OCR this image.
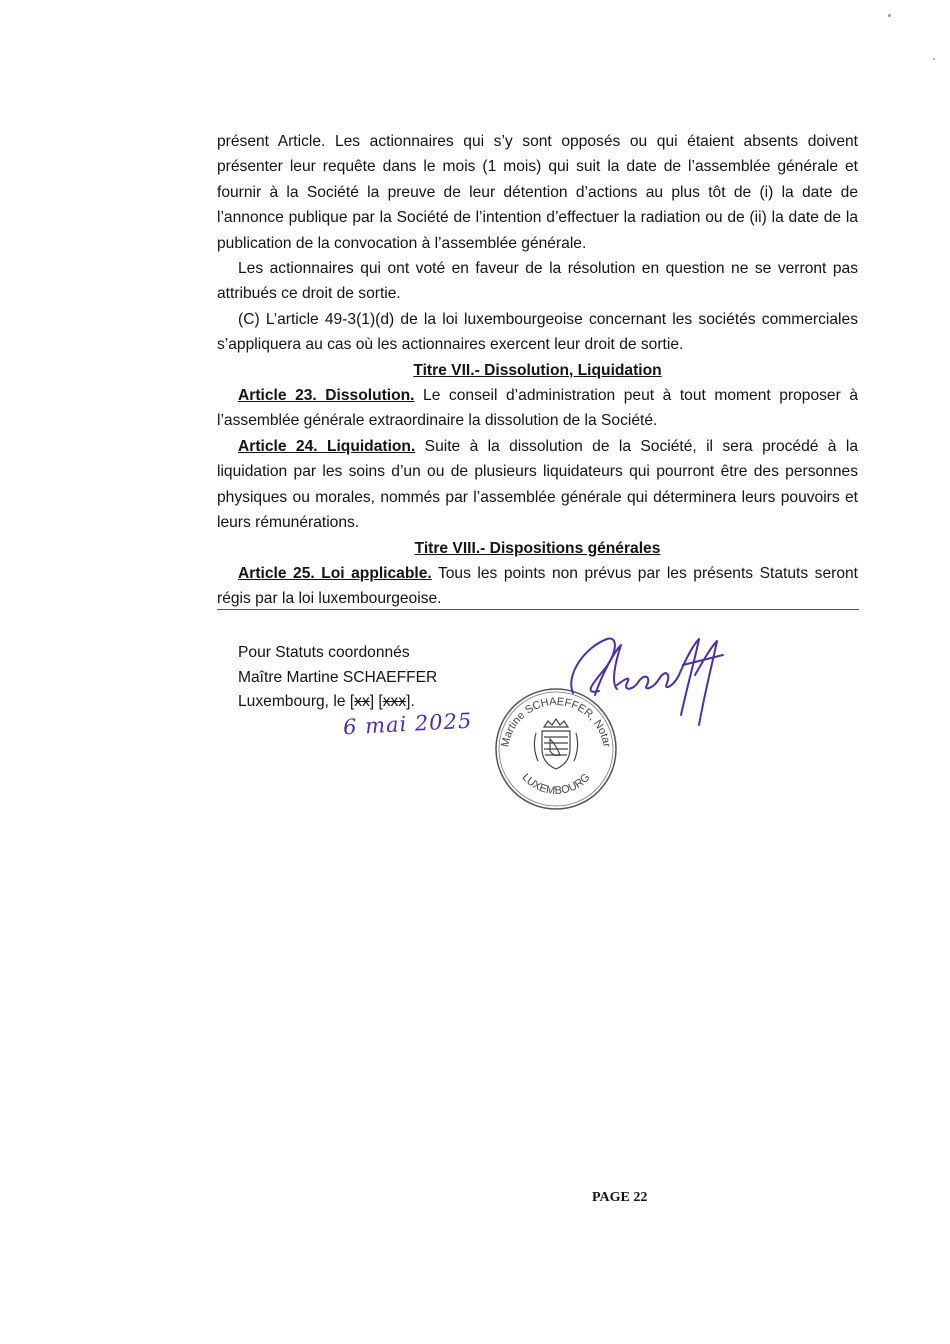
présent Article. Les actionnaires qui s’y sont opposés ou qui étaient absents doivent présenter leur requête dans le mois (1 mois) qui suit la date de l’assemblée générale et fournir à la Société la preuve de leur détention d’actions au plus tôt de (i) la date de l’annonce publique par la Société de l’intention d’effectuer la radiation ou de (ii) la date de la publication de la convocation à l’assemblée générale.

Les actionnaires qui ont voté en faveur de la résolution en question ne se verront pas attribués ce droit de sortie.

(C) L’article 49-3(1)(d) de la loi luxembourgeoise concernant les sociétés commerciales s’appliquera au cas où les actionnaires exercent leur droit de sortie.

Titre VII.- Dissolution, Liquidation

Article 23. Dissolution. Le conseil d’administration peut à tout moment proposer à l’assemblée générale extraordinaire la dissolution de la Société.

Article 24. Liquidation. Suite à la dissolution de la Société, il sera procédé à la liquidation par les soins d’un ou de plusieurs liquidateurs qui pourront être des personnes physiques ou morales, nommés par l’assemblée générale qui déterminera leurs pouvoirs et leurs rémunérations.

Titre VIII.- Dispositions générales

Article 25. Loi applicable. Tous les points non prévus par les présents Statuts seront régis par la loi luxembourgeoise.

Pour Statuts coordonnés
Maître Martine SCHAEFFER
Luxembourg, le [xx] [xxx].
6 mai 2025
Martine SCHAEFFER, Notar
LUXEMBOURG
PAGE 22
